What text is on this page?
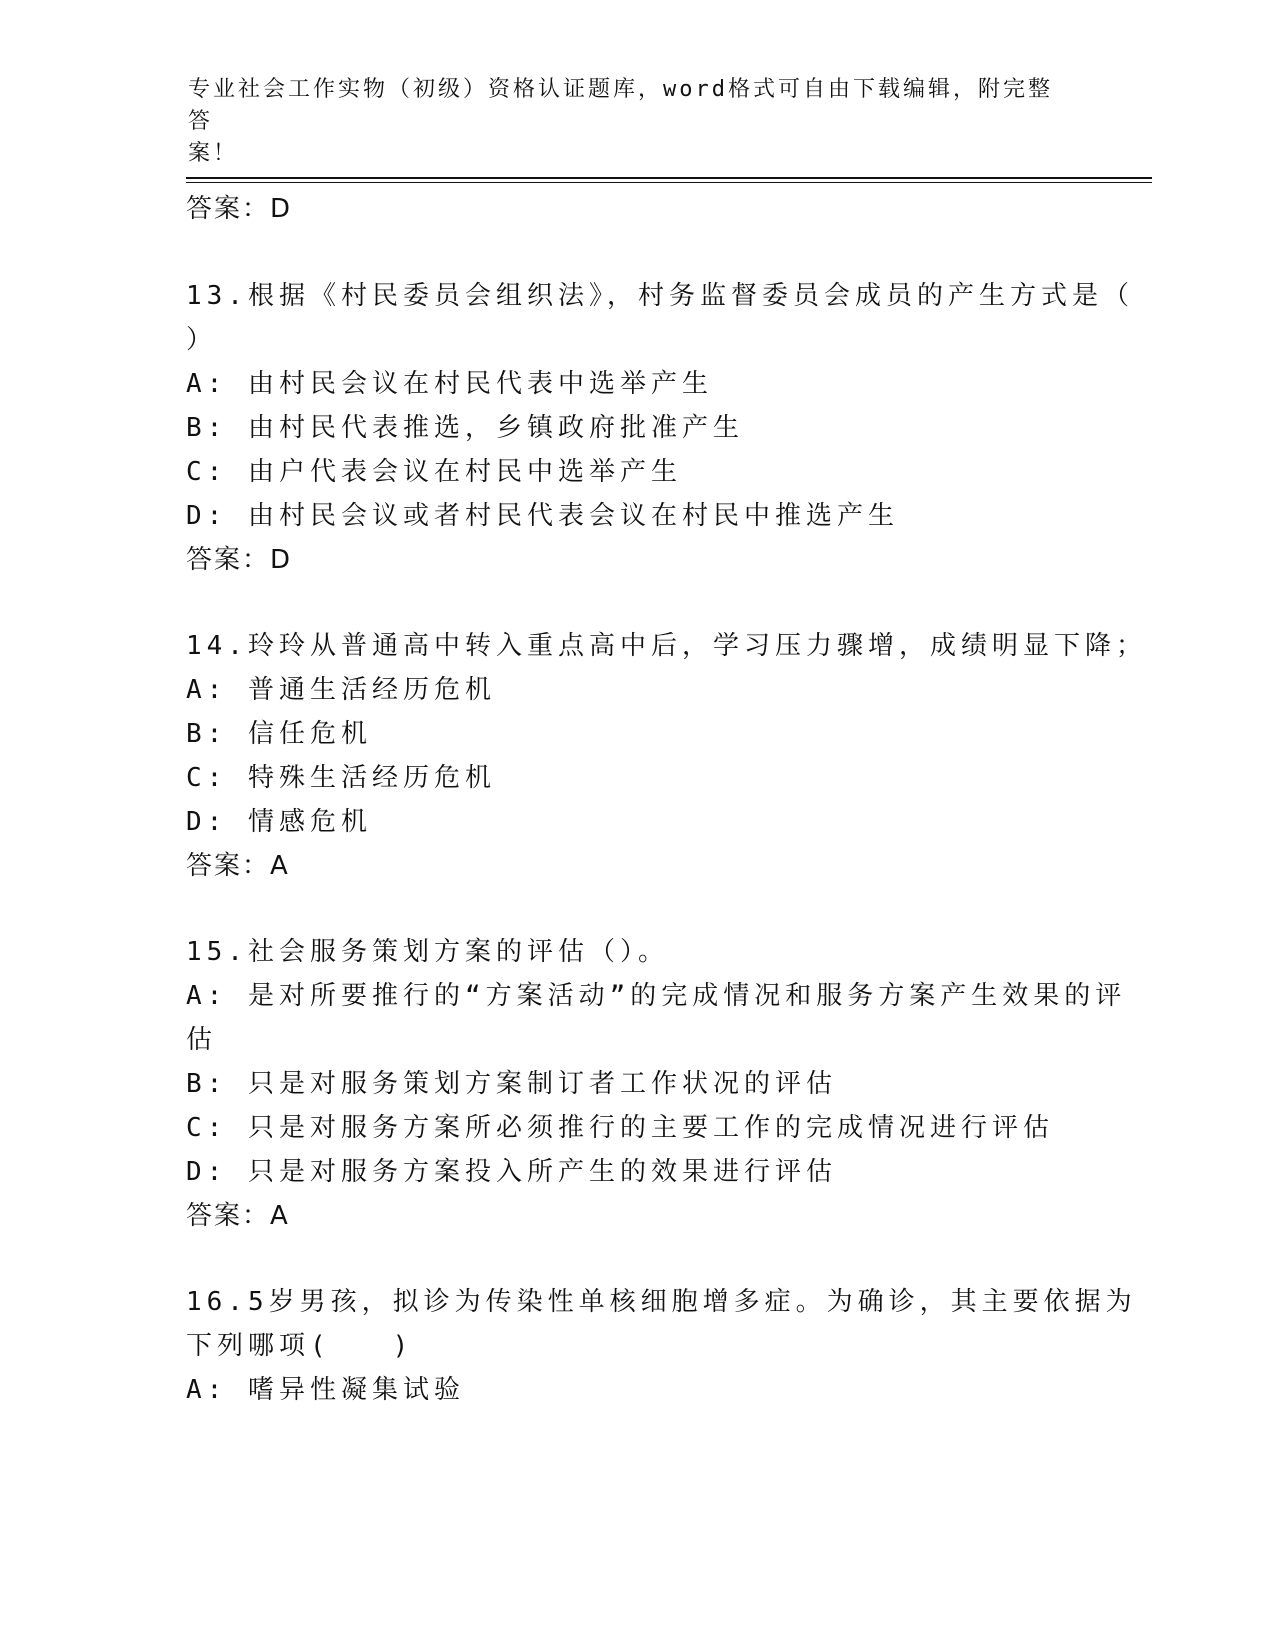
专业社会工作实物（初级）资格认证题库，word格式可自由下载编辑，附完整答
案！
答案：D
13.根据《村民委员会组织法》，村务监督委员会成员的产生方式是（
）
A: 由村民会议在村民代表中选举产生
B: 由村民代表推选，乡镇政府批准产生
C: 由户代表会议在村民中选举产生
D: 由村民会议或者村民代表会议在村民中推选产生
答案：D
14.玲玲从普通高中转入重点高中后，学习压力骤增，成绩明显下降；
A: 普通生活经历危机
B: 信任危机
C: 特殊生活经历危机
D: 情感危机
答案：A
15.社会服务策划方案的评估（）。
A: 是对所要推行的“方案活动”的完成情况和服务方案产生效果的评
估
B: 只是对服务策划方案制订者工作状况的评估
C: 只是对服务方案所必须推行的主要工作的完成情况进行评估
D: 只是对服务方案投入所产生的效果进行评估
答案：A
16.5岁男孩，拟诊为传染性单核细胞增多症。为确诊，其主要依据为
下列哪项(　　)
A: 嗜异性凝集试验
